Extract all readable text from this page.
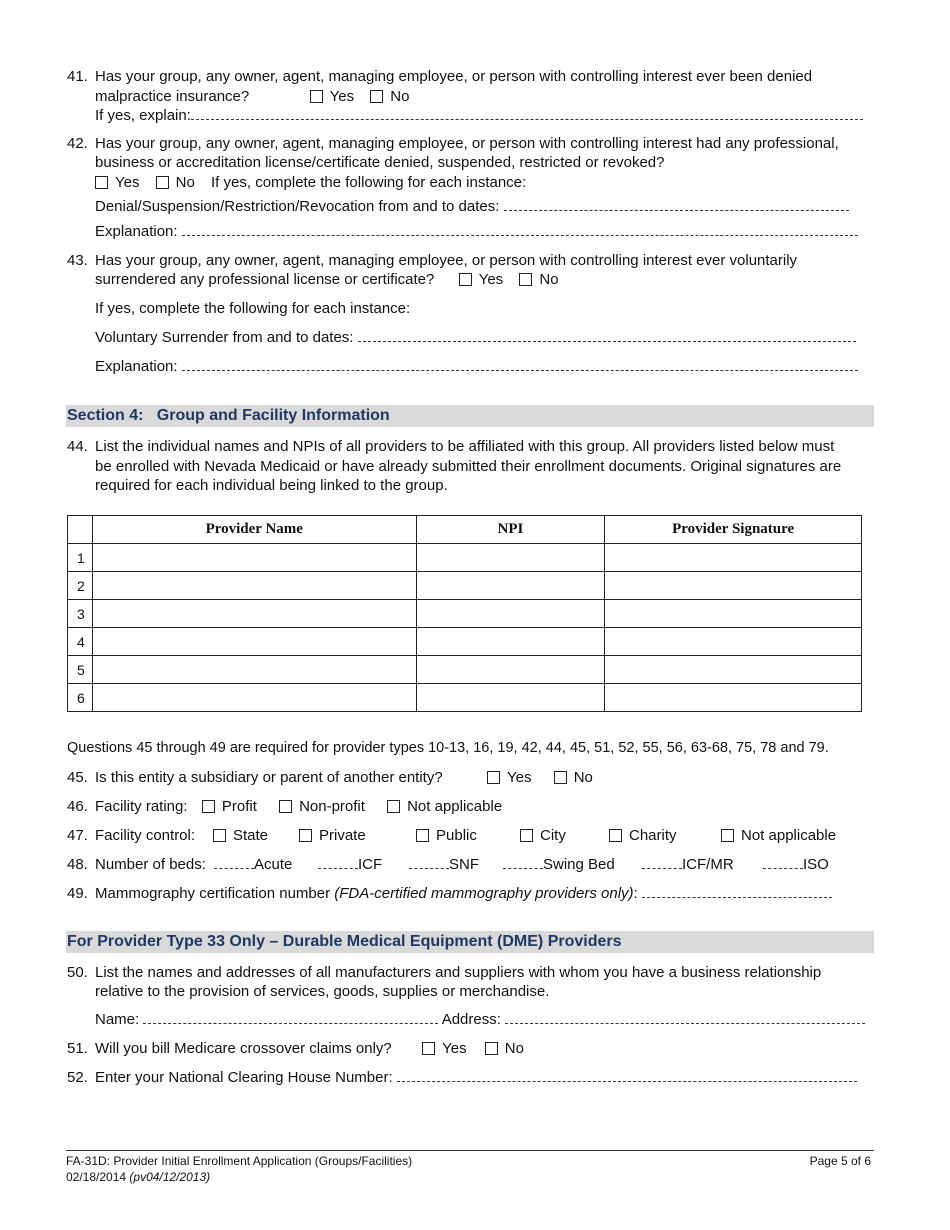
41. Has your group, any owner, agent, managing employee, or person with controlling interest ever been denied
malpractice insurance?	Yes No
If yes, explain:
42. Has your group, any owner, agent, managing employee, or person with controlling interest had any professional,
business or accreditation license/certificate denied, suspended, restricted or revoked?
Yes No If yes, complete the following for each instance:
Denial/Suspension/Restriction/Revocation from and to dates:
Explanation:
43. Has your group, any owner, agent, managing employee, or person with controlling interest ever voluntarily
surrendered any professional license or certificate?	Yes No
If yes, complete the following for each instance:
Voluntary Surrender from and to dates:
Explanation:
Section 4:   Group and Facility Information
44. List the individual names and NPIs of all providers to be affiliated with this group. All providers listed below must
be enrolled with Nevada Medicaid or have already submitted their enrollment documents. Original signatures are
required for each individual being linked to the group.
	Provider Name	NPI	Provider Signature
1			
2			
3			
4			
5			
6			
Questions 45 through 49 are required for provider types 10-13, 16, 19, 42, 44, 45, 51, 52, 55, 56, 63-68, 75, 78 and 79.
45. Is this entity a subsidiary or parent of another entity?	Yes	No
46. Facility rating: Profit	Non-profit	Not applicable
47. Facility control:	State	Private	Public	City	Charity	Not applicable
48. Number of beds:	Acute	ICF	SNF	Swing Bed	ICF/MR	ISO
49. Mammography certification number (FDA-certified mammography providers only):
For Provider Type 33 Only – Durable Medical Equipment (DME) Providers
50. List the names and addresses of all manufacturers and suppliers with whom you have a business relationship
relative to the provision of services, goods, supplies or merchandise.
Name:	Address:
51. Will you bill Medicare crossover claims only?	Yes	No
52. Enter your National Clearing House Number:
FA-31D: Provider Initial Enrollment Application (Groups/Facilities)
02/18/2014 (pv04/12/2013)
Page 5 of 6
